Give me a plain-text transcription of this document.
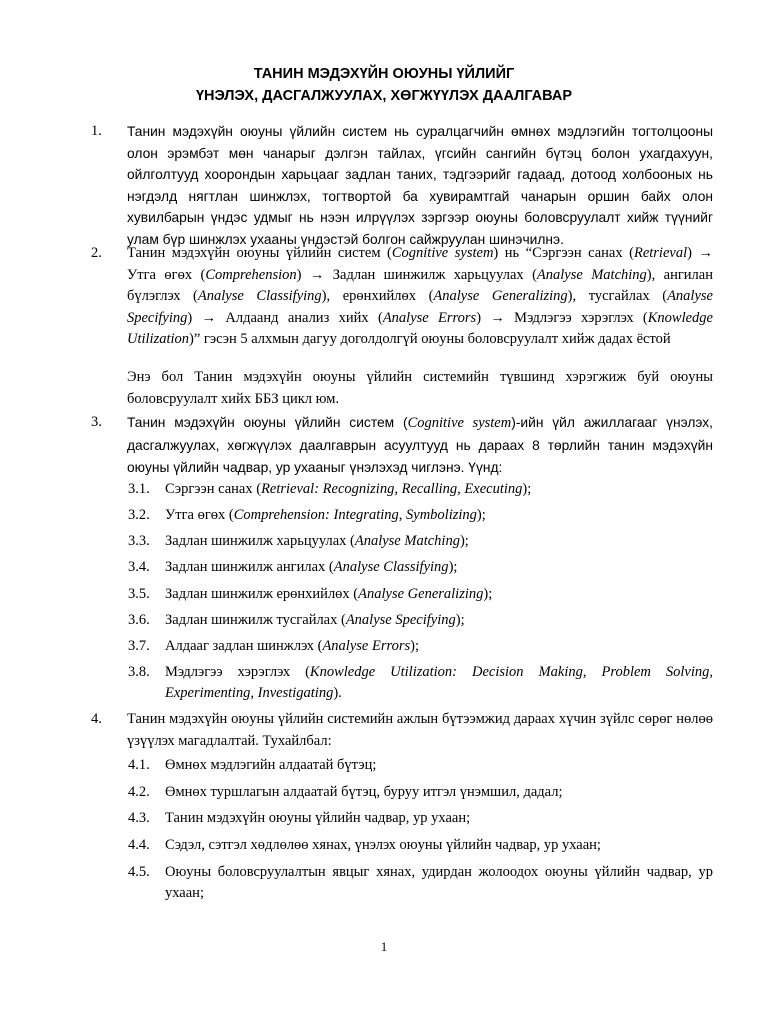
ТАНИН МЭДЭХҮЙН ОЮУНЫ ҮЙЛИЙГ
ҮНЭЛЭХ, ДАСГАЛЖУУЛАХ, ХӨГЖҮҮЛЭХ ДААЛГАВАР
1. Танин мэдэхүйн оюуны үйлийн систем нь суралцагчийн өмнөх мэдлэгийн тогтолцооны олон эрэмбэт мөн чанарыг дэлгэн тайлах, үгсийн сангийн бүтэц болон ухагдахуун, ойлголтууд хоорондын харьцааг задлан таних, тэдгээрийг гадаад, дотоод холбооных нь нэгдэлд нягтлан шинжлэх, тогтвортой ба хувирамтгай чанарын оршин байх олон хувилбарын үндэс удмыг нь нээн илрүүлэх зэргээр оюуны боловсруулалт хийж түүнийг улам бүр шинжлэх ухааны үндэстэй болгон сайжруулан шинэчилнэ.
2. Танин мэдэхүйн оюуны үйлийн систем (Cognitive system) нь “Сэргээн санах (Retrieval) → Утга өгөх (Comprehension) → Задлан шинжилж харьцуулах (Analyse Matching), ангилан бүлэглэх (Analyse Classifying), ерөнхийлөх (Analyse Generalizing), тусгайлах (Analyse Specifying) → Алдаанд анализ хийх (Analyse Errors) → Мэдлэгээ хэрэглэх (Knowledge Utilization)” гэсэн 5 алхмын дагуу доголдолгүй оюуны боловсруулалт хийж дадах ёстой
Энэ бол Танин мэдэхүйн оюуны үйлийн системийн түвшинд хэрэгжиж буй оюуны боловсруулалт хийх ББЗ цикл юм.
3. Танин мэдэхүйн оюуны үйлийн систем (Cognitive system)-ийн үйл ажиллагааг үнэлэх, дасгалжуулах, хөгжүүлэх даалгаврын асуултууд нь дараах 8 төрлийн танин мэдэхүйн оюуны үйлийн чадвар, ур ухааныг үнэлэхэд чиглэнэ. Үүнд:
3.1. Сэргээн санах (Retrieval: Recognizing, Recalling, Executing);
3.2. Утга өгөх (Comprehension: Integrating, Symbolizing);
3.3. Задлан шинжилж харьцуулах (Analyse Matching);
3.4. Задлан шинжилж ангилах (Analyse Classifying);
3.5. Задлан шинжилж ерөнхийлөх (Analyse Generalizing);
3.6. Задлан шинжилж тусгайлах (Analyse Specifying);
3.7. Алдааг задлан шинжлэх (Analyse Errors);
3.8. Мэдлэгээ хэрэглэх (Knowledge Utilization: Decision Making, Problem Solving, Experimenting, Investigating).
4. Танин мэдэхүйн оюуны үйлийн системийн ажлын бүтээмжид дараах хүчин зүйлс сөрөг нөлөө үзүүлэх магадлалтай. Тухайлбал:
4.1. Өмнөх мэдлэгийн алдаатай бүтэц;
4.2. Өмнөх туршлагын алдаатай бүтэц, буруу итгэл үнэмшил, дадал;
4.3. Танин мэдэхүйн оюуны үйлийн чадвар, ур ухаан;
4.4. Сэдэл, сэтгэл хөдлөлөө хянах, үнэлэх оюуны үйлийн чадвар, ур ухаан;
4.5. Оюуны боловсруулалтын явцыг хянах, удирдан жолоодох оюуны үйлийн чадвар, ур ухаан;
1
